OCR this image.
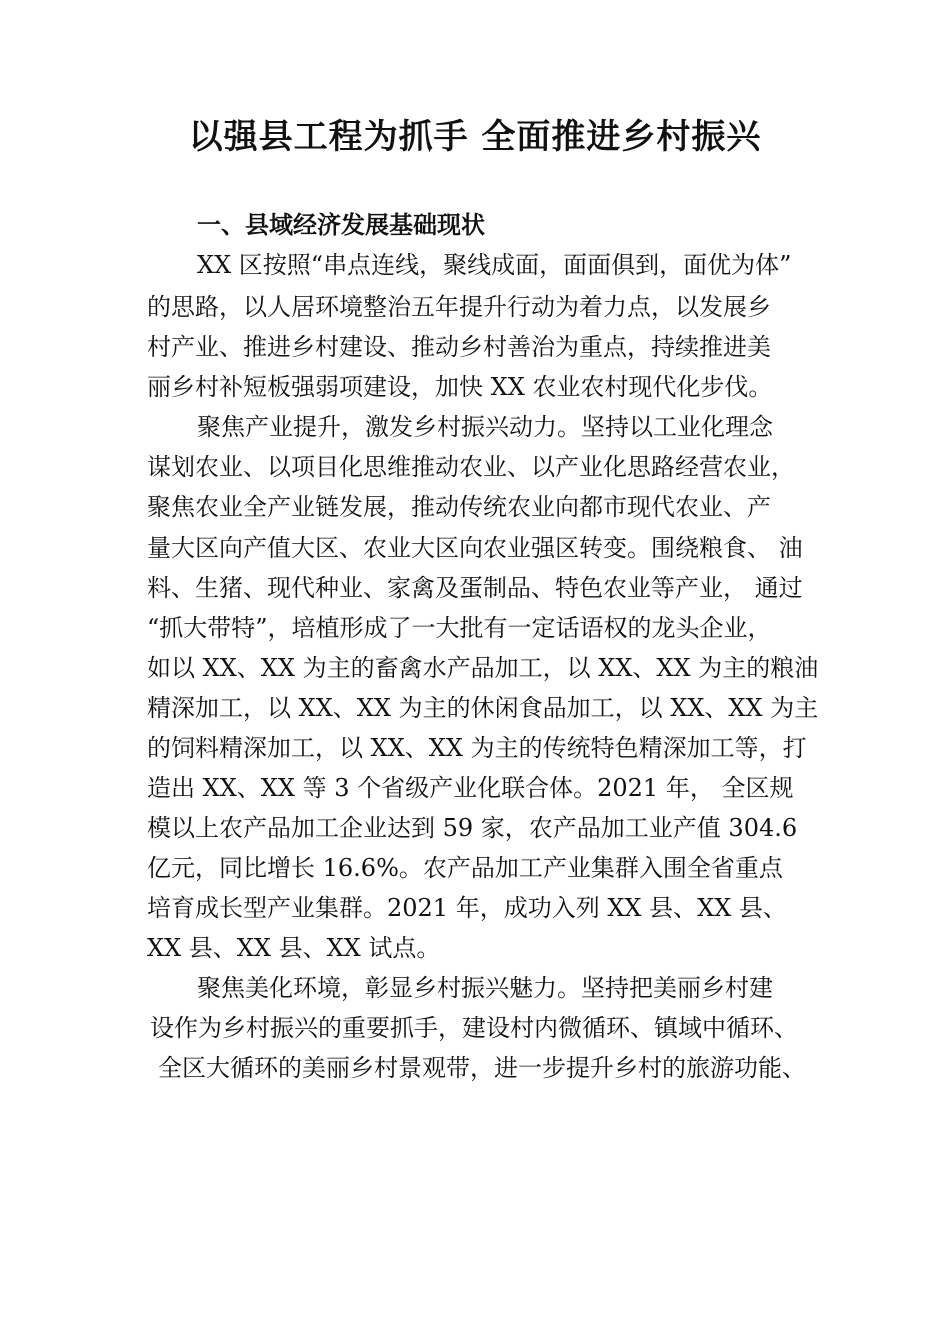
以强县工程为抓手 全面推进乡村振兴
一、县域经济发展基础现状

XX 区按照“串点连线，聚线成面，面面俱到，面优为体”

的思路，以人居环境整治五年提升行动为着力点，以发展乡

村产业、推进乡村建设、推动乡村善治为重点，持续推进美

丽乡村补短板强弱项建设，加快 XX 农业农村现代化步伐。

聚焦产业提升，激发乡村振兴动力。坚持以工业化理念

谋划农业、以项目化思维推动农业、以产业化思路经营农业，

聚焦农业全产业链发展，推动传统农业向都市现代农业、产

量大区向产值大区、农业大区向农业强区转变。围绕粮食、 油

料、生猪、现代种业、家禽及蛋制品、特色农业等产业， 通过

“抓大带特”，培植形成了一大批有一定话语权的龙头企业，

如以 XX、XX 为主的畜禽水产品加工，以 XX、XX 为主的粮油

精深加工，以 XX、XX 为主的休闲食品加工，以 XX、XX 为主

的饲料精深加工，以 XX、XX 为主的传统特色精深加工等，打

造出 XX、XX 等 3 个省级产业化联合体。2021 年， 全区规

模以上农产品加工企业达到 59 家，农产品加工业产值 304.6

亿元，同比增长 16.6%。农产品加工产业集群入围全省重点

培育成长型产业集群。2021 年，成功入列 XX 县、XX 县、

XX 县、XX 县、XX 试点。

聚焦美化环境，彰显乡村振兴魅力。坚持把美丽乡村建

设作为乡村振兴的重要抓手，建设村内微循环、镇域中循环、

全区大循环的美丽乡村景观带，进一步提升乡村的旅游功能、
